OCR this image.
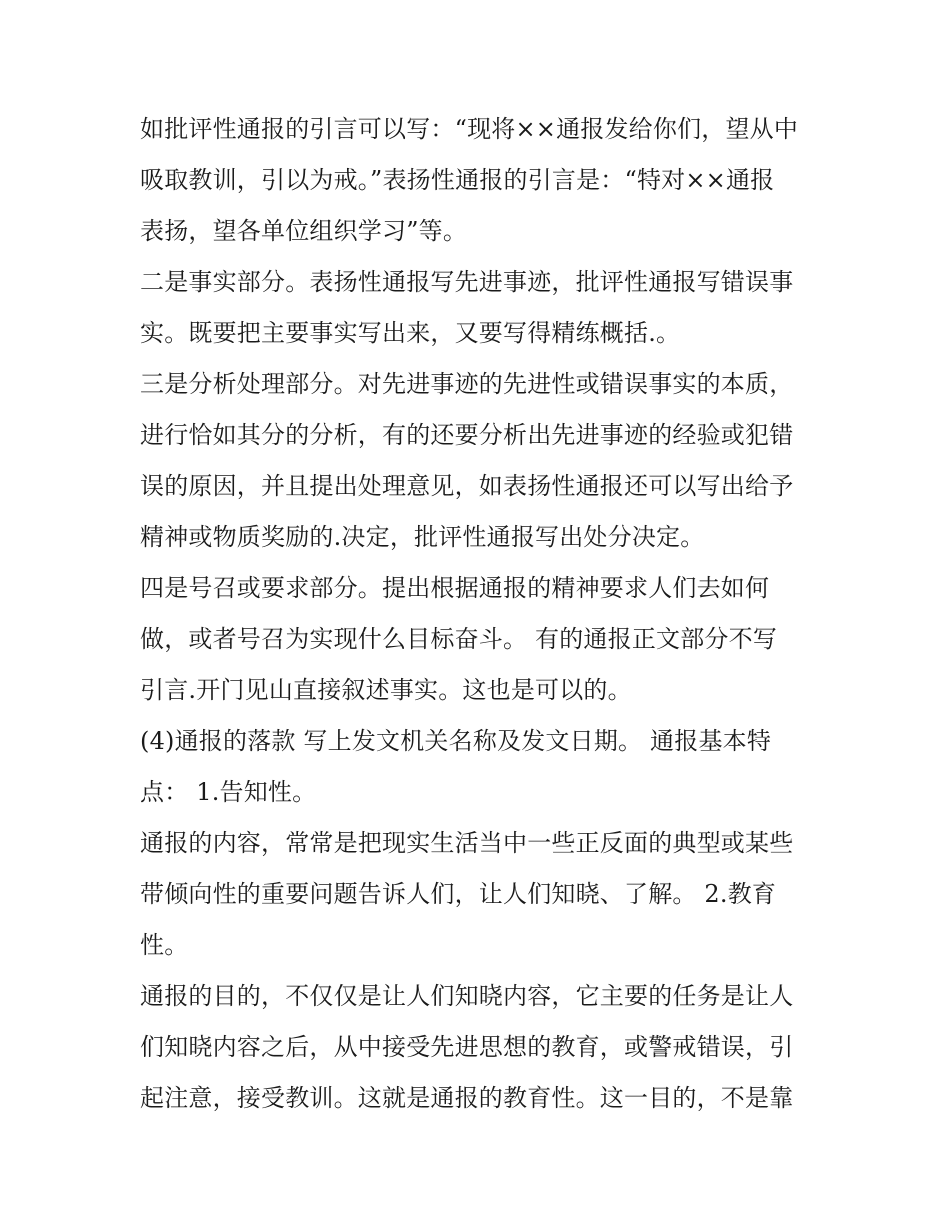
如批评性通报的引言可以写：“现将××通报发给你们，望从中
吸取教训，引以为戒。”表扬性通报的引言是：“特对××通报
表扬，望各单位组织学习”等。
二是事实部分。表扬性通报写先进事迹，批评性通报写错误事
实。既要把主要事实写出来，又要写得精练概括.。
三是分析处理部分。对先进事迹的先进性或错误事实的本质，
进行恰如其分的分析，有的还要分析出先进事迹的经验或犯错
误的原因，并且提出处理意见，如表扬性通报还可以写出给予
精神或物质奖励的.决定，批评性通报写出处分决定。
四是号召或要求部分。提出根据通报的精神要求人们去如何
做，或者号召为实现什么目标奋斗。 有的通报正文部分不写
引言.开门见山直接叙述事实。这也是可以的。
(4)通报的落款 写上发文机关名称及发文日期。 通报基本特
点： 1.告知性。
通报的内容，常常是把现实生活当中一些正反面的典型或某些
带倾向性的重要问题告诉人们，让人们知晓、了解。 2.教育
性。
通报的目的，不仅仅是让人们知晓内容，它主要的任务是让人
们知晓内容之后，从中接受先进思想的教育，或警戒错误，引
起注意，接受教训。这就是通报的教育性。这一目的，不是靠
